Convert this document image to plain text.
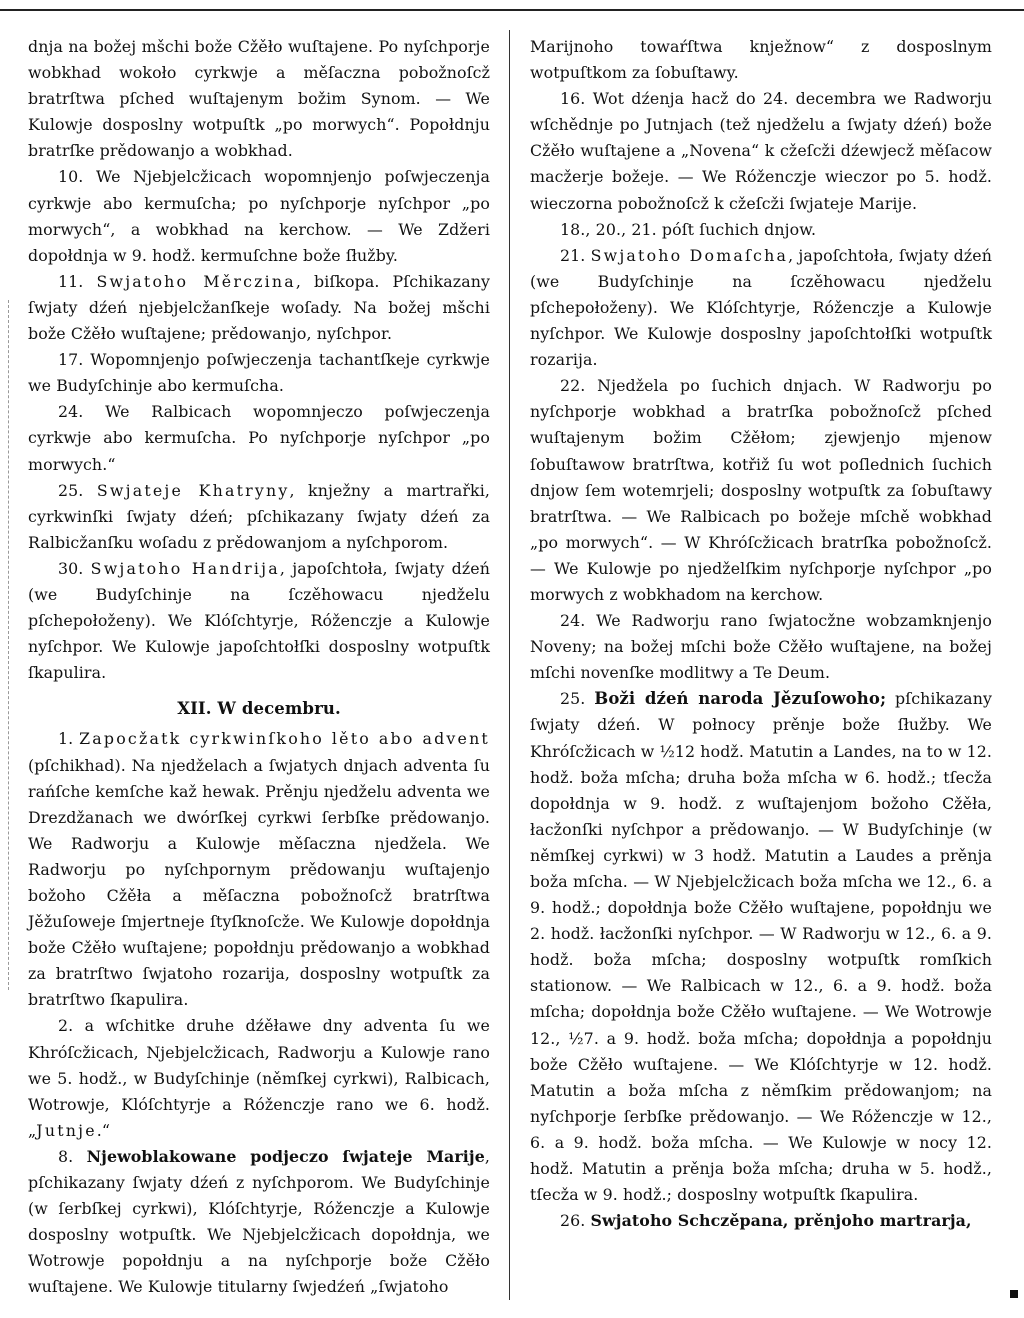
dnja na božej mšchi bože Cžěło wuſtajene. Po nyſchporje wobkhad wokoło cyrkwje a měſaczna pobožnoſcž bratrſtwa pſched wuſtajenym božim Synom. — We Kulowje dosposlny wotpuſtk „po morwych“. Popołdnju bratrſke prědowanjo a wobkhad.

10. We Njebjelcžicach wopomnjenjo poſwjeczenja cyrkwje abo kermuſcha; po nyſchporje nyſchpor „po morwych“, a wobkhad na kerchow. — We Zdžeri dopołdnja w 9. hodž. kermuſchne bože ſłužby.

11. Swjatoho Měrczina, biſkopa. Pſchikazany ſwjaty dźeń njebjelcžanſkeje woſady. Na božej mšchi bože Cžěło wuſtajene; prědowanjo, nyſchpor.

17. Wopomnjenjo poſwjeczenja tachantſkeje cyrkwje we Budyſchinje abo kermuſcha.

24. We Ralbicach wopomnjeczo poſwjeczenja cyrkwje abo kermuſcha. Po nyſchporje nyſchpor „po morwych.“

25. Swjateje Khatryny, knježny a martrařki, cyrkwinſki ſwjaty dźeń; pſchikazany ſwjaty dźeń za Ralbicžanſku woſadu z prědowanjom a nyſchporom.

30. Swjatoho Handrija, japoſchtoła, ſwjaty dźeń (we Budyſchinje na ſczěhowacu njedželu pſchepołoženy). We Klóſchtyrje, Róženczje a Kulowje nyſchpor. We Kulowje japoſchtołſki dosposlny wotpuſtk ſkapulira.

XII. W decembru.

1. Zapocžatk cyrkwinſkoho lěto abo advent (pſchikhad). Na njedželach a ſwjatych dnjach adventa ſu rańſche kemſche kaž hewak. Prěnju njedželu adventa we Drezdžanach we dwórſkej cyrkwi ſerbſke prědowanjo. We Radworju a Kulowje měſaczna njedžela. We Radworju po nyſchpornym prědowanju wuſtajenjo božoho Cžěła a měſaczna pobožnoſcž bratrſtwa Jěžuſoweje ſmjertneje ſtyſknoſcže. We Kulowje dopołdnja bože Cžěło wuſtajene; popołdnju prědowanjo a wobkhad za bratrſtwo ſwjatoho rozarija, dosposlny wotpuſtk za bratrſtwo ſkapulira.

2. a wſchitke druhe dźěławe dny adventa ſu we Khróſcžicach, Njebjelcžicach, Radworju a Kulowje rano we 5. hodž., w Budyſchinje (němſkej cyrkwi), Ralbicach, Wotrowje, Klóſchtyrje a Róženczje rano we 6. hodž. „Jutnje.“

8. Njewoblakowane podjeczo ſwjateje Marije, pſchikazany ſwjaty dźeń z nyſchporom. We Budyſchinje (w ſerbſkej cyrkwi), Klóſchtyrje, Róženczje a Kulowje dosposlny wotpuſtk. We Njebjelcžicach dopołdnja, we Wotrowje popołdnju a na nyſchporje bože Cžěło wuſtajene. We Kulowje titularny ſwjedźeń „ſwjatoho

Marijnoho towaŕſtwa knježnow“ z dosposlnym wotpuſtkom za ſobuſtawy.

16. Wot dźenja hacž do 24. decembra we Radworju wſchědnje po Jutnjach (tež njedželu a ſwjaty dźeń) bože Cžěło wuſtajene a „Novena“ k cžeſcži dźewjecž měſacow macžerje božeje. — We Róženczje wieczor po 5. hodž. wieczorna pobožnoſcž k cžeſcži ſwjateje Marije.

18., 20., 21. póſt ſuchich dnjow.

21. Swjatoho Domaſcha, japoſchtoła, ſwjaty dźeń (we Budyſchinje na ſczěhowacu njedželu pſchepołoženy). We Klóſchtyrje, Róženczje a Kulowje nyſchpor. We Kulowje dosposlny japoſchtołſki wotpuſtk rozarija.

22. Njedžela po ſuchich dnjach. W Radworju po nyſchporje wobkhad a bratrſka pobožnoſcž pſched wuſtajenym božim Cžěłom; zjewjenjo mjenow ſobuſtawow bratrſtwa, kotřiž ſu wot poſlednich ſuchich dnjow ſem wotemrjeli; dosposlny wotpuſtk za ſobuſtawy bratrſtwa. — We Ralbicach po božeje mſchě wobkhad „po morwych“. — W Khróſcžicach bratrſka pobožnoſcž. — We Kulowje po njedželſkim nyſchporje nyſchpor „po morwych z wobkhadom na kerchow.

24. We Radworju rano ſwjatocžne wobzamknjenjo Noveny; na božej mſchi bože Cžěło wuſtajene, na božej mſchi novenſke modlitwy a Te Deum.

25. Boži dźeń naroda Jězuſowoho; pſchikazany ſwjaty dźeń. W połnocy prěnje bože ſłužby. We Khróſcžicach w ½12 hodž. Matutin a Landes, na to w 12. hodž. boža mſcha; druha boža mſcha w 6. hodž.; tſecža dopołdnja w 9. hodž. z wuſtajenjom božoho Cžěła, łacžonſki nyſchpor a prědowanjo. — W Budyſchinje (w němſkej cyrkwi) w 3 hodž. Matutin a Laudes a prěnja boža mſcha. — W Njebjelcžicach boža mſcha we 12., 6. a 9. hodž.; dopołdnja bože Cžěło wuſtajene, popołdnju we 2. hodž. łacžonſki nyſchpor. — W Radworju w 12., 6. a 9. hodž. boža mſcha; dosposlny wotpuſtk romſkich stationow. — We Ralbicach w 12., 6. a 9. hodž. boža mſcha; dopołdnja bože Cžěło wuſtajene. — We Wotrowje 12., ½7. a 9. hodž. boža mſcha; dopołdnja a popołdnju bože Cžěło wuſtajene. — We Klóſchtyrje w 12. hodž. Matutin a boža mſcha z němſkim prědowanjom; na nyſchporje ſerbſke prědowanjo. — We Róženczje w 12., 6. a 9. hodž. boža mſcha. — We Kulowje w nocy 12. hodž. Matutin a prěnja boža mſcha; druha w 5. hodž., tſecža w 9. hodž.; dosposlny wotpuſtk ſkapulira.

26. Swjatoho Schczěpana, prěnjoho martrarja,
